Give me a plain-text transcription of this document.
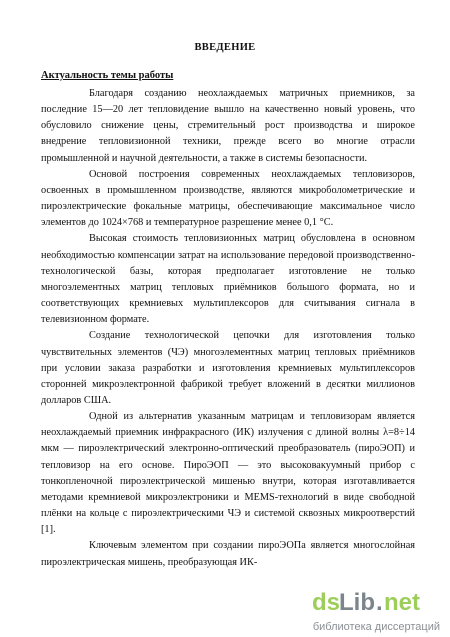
ВВЕДЕНИЕ
Актуальность темы работы

Благодаря созданию неохлаждаемых матричных приемников, за последние 15—20 лет тепловидение вышло на качественно новый уровень, что обусловило снижение цены, стремительный рост производства и широкое внедрение тепловизионной техники, прежде всего во многие отрасли промышленной и научной деятельности, а также в системы безопасности.

Основой построения современных неохлаждаемых тепловизоров, освоенных в промышленном производстве, являются микроболометрические и пироэлектрические фокальные матрицы, обеспечивающие максимальное число элементов до 1024×768 и температурное разрешение менее 0,1 °С.

Высокая стоимость тепловизионных матриц обусловлена в основном необходимостью компенсации затрат на использование передовой производственно-технологической базы, которая предполагает изготовление не только многоэлементных матриц тепловых приёмников большого формата, но и соответствующих кремниевых мультиплексоров для считывания сигнала в телевизионном формате.

Создание технологической цепочки для изготовления только чувствительных элементов (ЧЭ) многоэлементных матриц тепловых приёмников при условии заказа разработки и изготовления кремниевых мультиплексоров сторонней микроэлектронной фабрикой требует вложений в десятки миллионов долларов США.

Одной из альтернатив указанным матрицам и тепловизорам является неохлаждаемый приемник инфракрасного (ИК) излучения с длиной волны λ=8÷14 мкм — пироэлектрический электронно-оптический преобразователь (пироЭОП) и тепловизор на его основе. ПироЭОП — это высоковакуумный прибор с тонкопленочной пироэлектрической мишенью внутри, которая изготавливается методами кремниевой микроэлектроники и MEMS-технологий в виде свободной плёнки на кольце с пироэлектрическими ЧЭ и системой сквозных микроотверстий [1].

Ключевым элементом при создании пироЭОПа является многослойная пироэлектрическая мишень, преобразующая ИК-

ds
Lib . net
библиотека диссертаций
